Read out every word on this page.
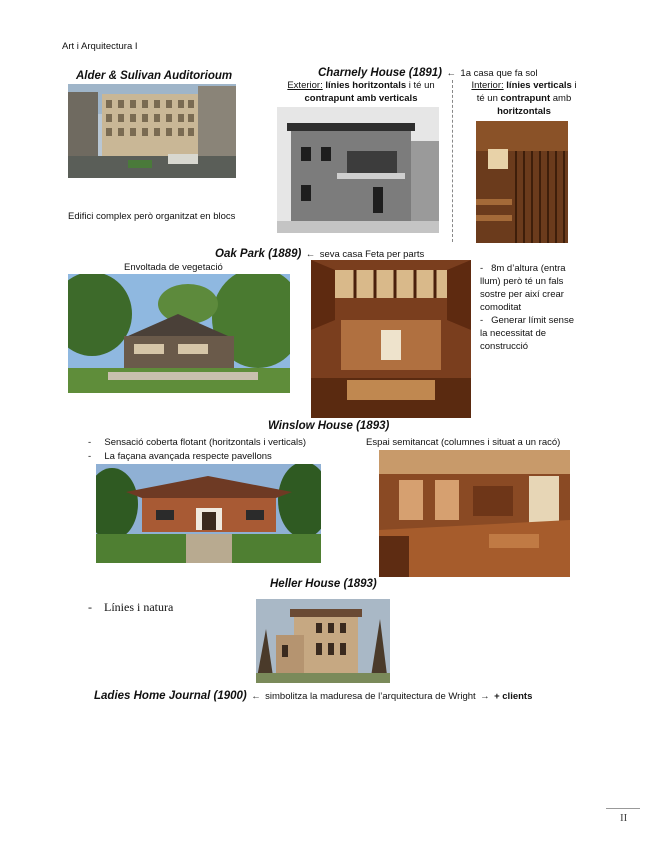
Art i Arquitectura I
Alder & Sulivan Auditorioum
Edifici complex però organitzat en blocs
Charnely House (1891) ← 1a casa que fa sol
Exterior: línies horitzontals i té un
contrapunt amb verticals
Interior: línies verticals i
té un contrapunt amb
horitzontals
Oak Park (1889) ← seva casa Feta per parts
Envoltada de vegetació	- 8m d’altura (entra
llum) però té un fals
sostre per així crear
comoditat
- Generar límit sense
la necessitat de
construcció
Winslow House (1893)
- Sensació coberta flotant (horitzontals i verticals)
- La façana avançada respecte pavellons
Espai semitancat (columnes i situat a un racó)
Heller House (1893)
- Línies i natura
Ladies Home Journal (1900) ← simbolitza la maduresa de l’arquitectura de Wright → + clients
II
